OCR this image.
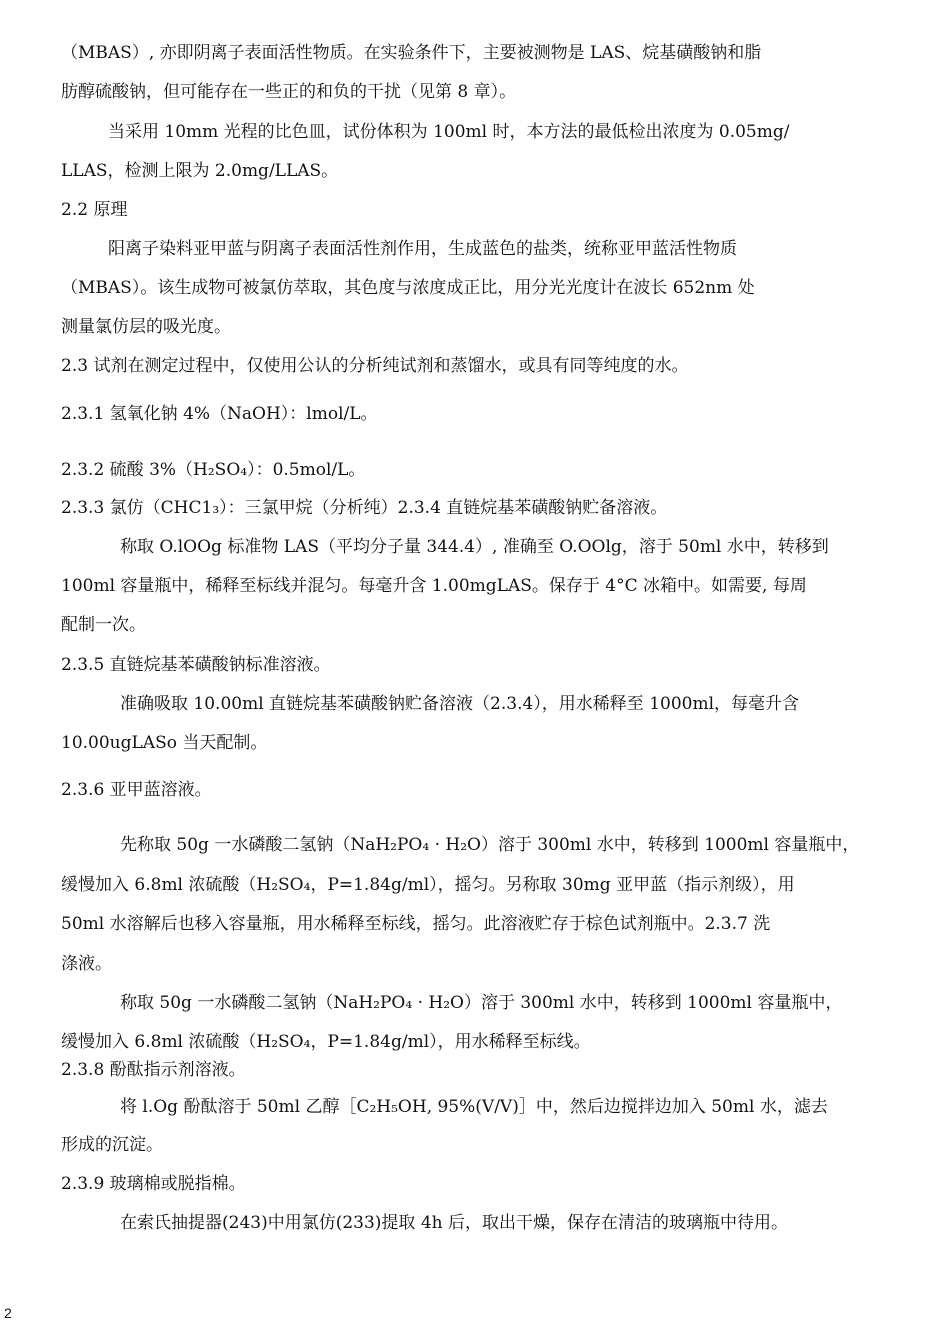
（MBAS）, 亦即阴离子表面活性物质。在实验条件下，主要被测物是 LAS、烷基磺酸钠和脂
肪醇硫酸钠，但可能存在一些正的和负的干扰（见第 8 章）。
当采用 10mm 光程的比色皿，试份体积为 100ml 时，本方法的最低检出浓度为 0.05mg/
LLAS，检测上限为 2.0mg/LLAS。
2.2 原理
阳离子染料亚甲蓝与阴离子表面活性剂作用，生成蓝色的盐类，统称亚甲蓝活性物质
（MBAS）。该生成物可被氯仿萃取，其色度与浓度成正比，用分光光度计在波长 652nm 处
测量氯仿层的吸光度。
2.3 试剂在测定过程中，仅使用公认的分析纯试剂和蒸馏水，或具有同等纯度的水。
2.3.1 氢氧化钠 4%（NaOH）：lmol/L。
2.3.2 硫酸 3%（H₂SO₄）：0.5mol/L。
2.3.3 氯仿（CHC1₃）：三氯甲烷（分析纯）2.3.4 直链烷基苯磺酸钠贮备溶液。
称取 O.lOOg 标准物 LAS（平均分子量 344.4）, 准确至 O.OOlg，溶于 50ml 水中，转移到
100ml 容量瓶中，稀释至标线并混匀。每毫升含 1.00mgLAS。保存于 4°C 冰箱中。如需要, 每周
配制一次。
2.3.5 直链烷基苯磺酸钠标准溶液。
准确吸取 10.00ml 直链烷基苯磺酸钠贮备溶液（2.3.4），用水稀释至 1000ml，每毫升含
10.00ugLASo 当天配制。
2.3.6 亚甲蓝溶液。
先称取 50g 一水磷酸二氢钠（NaH₂PO₄ · H₂O）溶于 300ml 水中，转移到 1000ml 容量瓶中，
缓慢加入 6.8ml 浓硫酸（H₂SO₄，P=1.84g/ml），摇匀。另称取 30mg 亚甲蓝（指示剂级），用
50ml 水溶解后也移入容量瓶，用水稀释至标线，摇匀。此溶液贮存于棕色试剂瓶中。2.3.7 洗
涤液。
称取 50g 一水磷酸二氢钠（NaH₂PO₄ · H₂O）溶于 300ml 水中，转移到 1000ml 容量瓶中，
缓慢加入 6.8ml 浓硫酸（H₂SO₄，P=1.84g/ml），用水稀释至标线。
2.3.8 酚酞指示剂溶液。
将 l.Og 酚酞溶于 50ml 乙醇［C₂H₅OH, 95%(V/V)］中，然后边搅拌边加入 50ml 水，滤去
形成的沉淀。
2.3.9 玻璃棉或脱指棉。
在索氏抽提器(243)中用氯仿(233)提取 4h 后，取出干燥，保存在清洁的玻璃瓶中待用。
2
